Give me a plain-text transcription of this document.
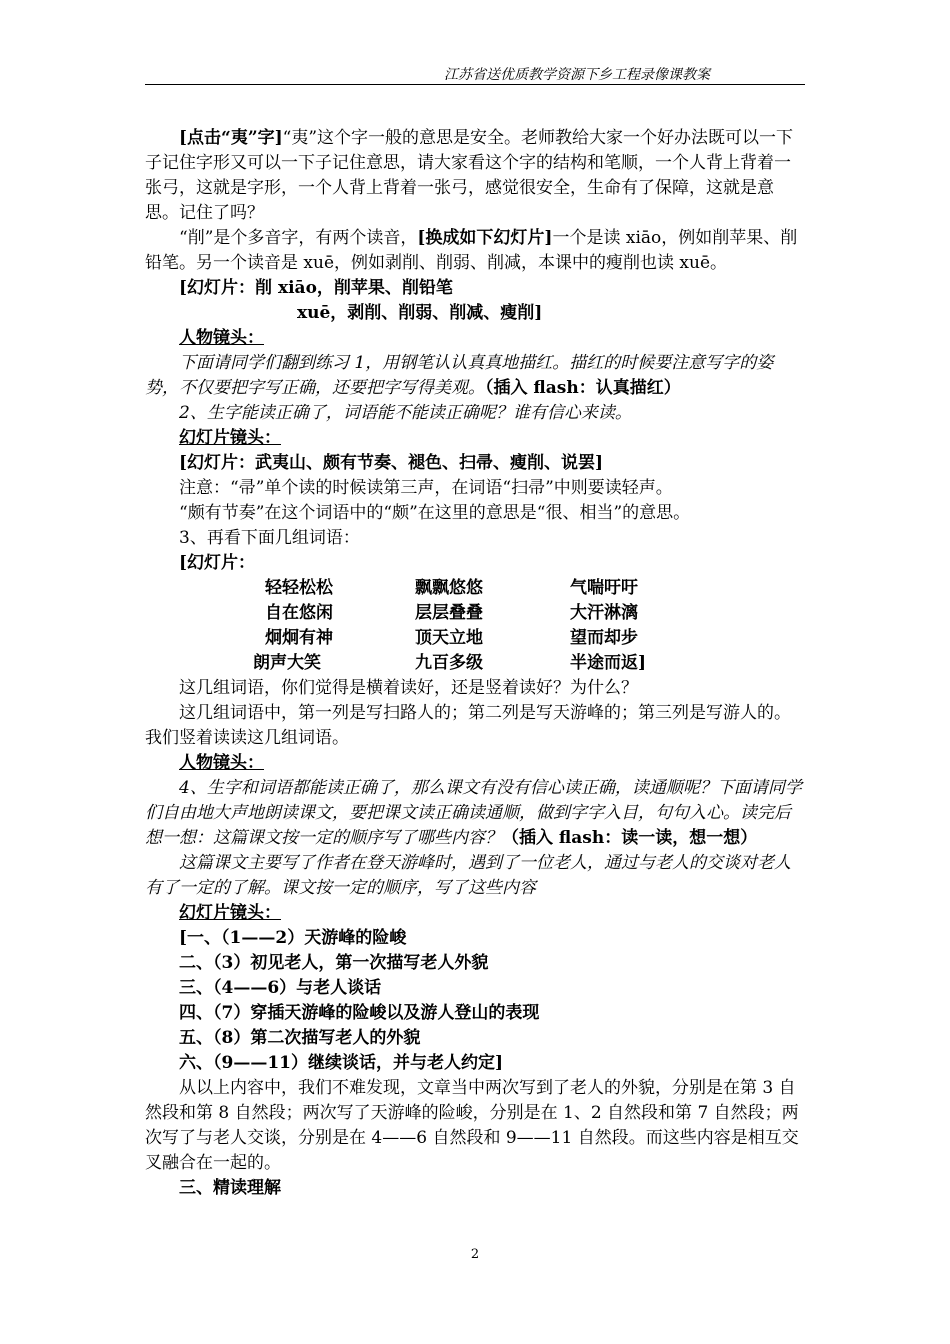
江苏省送优质教学资源下乡工程录像课教案

[点击“夷”字]“夷”这个字一般的意思是安全。老师教给大家一个好办法既可以一下子记住字形又可以一下子记住意思，请大家看这个字的结构和笔顺，一个人背上背着一张弓，这就是字形，一个人背上背着一张弓，感觉很安全，生命有了保障，这就是意思。记住了吗？

“削”是个多音字，有两个读音，[换成如下幻灯片]一个是读 xiāo，例如削苹果、削铅笔。另一个读音是 xuē，例如剥削、削弱、削减，本课中的瘦削也读 xuē。

[幻灯片：削 xiāo，削苹果、削铅笔

xuē，剥削、削弱、削减、瘦削]

人物镜头：

下面请同学们翻到练习 1，用钢笔认认真真地描红。描红的时候要注意写字的姿势，不仅要把字写正确，还要把字写得美观。（插入 flash：认真描红）

2、生字能读正确了，词语能不能读正确呢？谁有信心来读。

幻灯片镜头：

[幻灯片：武夷山、颇有节奏、褪色、扫帚、瘦削、说罢]

注意：“帚”单个读的时候读第三声，在词语“扫帚”中则要读轻声。

“颇有节奏”在这个词语中的“颇”在这里的意思是“很、相当”的意思。

3、再看下面几组词语：

[幻灯片：

轻轻松松	飘飘悠悠	气喘吁吁
自在悠闲	层层叠叠	大汗淋漓
炯炯有神	顶天立地	望而却步
朗声大笑	九百多级	半途而返]

这几组词语，你们觉得是横着读好，还是竖着读好？为什么？

这几组词语中，第一列是写扫路人的；第二列是写天游峰的；第三列是写游人的。我们竖着读读这几组词语。

人物镜头：

4、生字和词语都能读正确了，那么课文有没有信心读正确，读通顺呢？下面请同学们自由地大声地朗读课文，要把课文读正确读通顺，做到字字入目，句句入心。读完后想一想：这篇课文按一定的顺序写了哪些内容？（插入 flash：读一读，想一想）

这篇课文主要写了作者在登天游峰时，遇到了一位老人，通过与老人的交谈对老人有了一定的了解。课文按一定的顺序，写了这些内容

幻灯片镜头：

[一、（1——2）天游峰的险峻

二、（3）初见老人，第一次描写老人外貌

三、（4——6）与老人谈话

四、（7）穿插天游峰的险峻以及游人登山的表现

五、（8）第二次描写老人的外貌

六、（9——11）继续谈话，并与老人约定]

从以上内容中，我们不难发现，文章当中两次写到了老人的外貌，分别是在第 3 自然段和第 8 自然段；两次写了天游峰的险峻，分别是在 1、2 自然段和第 7 自然段；两次写了与老人交谈，分别是在 4——6 自然段和 9——11 自然段。而这些内容是相互交叉融合在一起的。

三、精读理解

2
